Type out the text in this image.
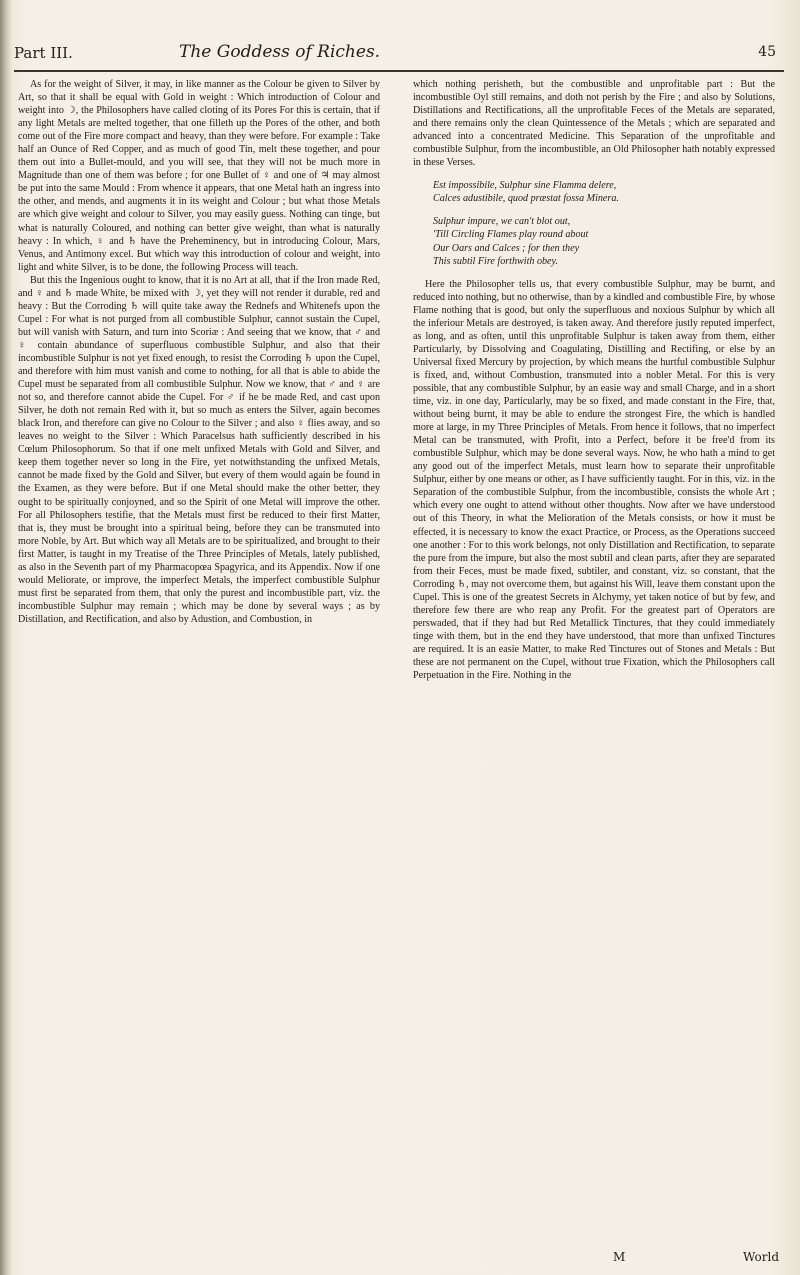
Part III.	The Goddess of Riches.	45

As for the weight of Silver, it may, in like manner as the Colour be given to Silver by Art, so that it shall be equal with Gold in weight : Which introduction of Colour and weight into ☽, the Philosophers have called cloting of its Pores For this is certain, that if any light Metals are melted together, that one filleth up the Pores of the other, and both come out of the Fire more compact and heavy, than they were before. For example : Take half an Ounce of Red Copper, and as much of good Tin, melt these together, and pour them out into a Bullet-mould, and you will see, that they will not be much more in Magnitude than one of them was before ; for one Bullet of ♀ and one of ♃ may almost be put into the same Mould : From whence it appears, that one Metal hath an ingress into the other, and mends, and augments it in its weight and Colour ; but what those Metals are which give weight and colour to Silver, you may easily guess. Nothing can tinge, but what is naturally Coloured, and nothing can better give weight, than what is naturally heavy : In which, ♀ and ♄ have the Preheminency, but in introducing Colour, Mars, Venus, and Antimony excel. But which way this introduction of colour and weight, into light and white Silver, is to be done, the following Process will teach.

But this the Ingenious ought to know, that it is no Art at all, that if the Iron made Red, and ♀ and ♄ made White, be mixed with ☽, yet they will not render it durable, red and heavy : But the Corroding ♄ will quite take away the Rednefs and Whitenefs upon the Cupel : For what is not purged from all combustible Sulphur, cannot sustain the Cupel, but will vanish with Saturn, and turn into Scoriæ : And seeing that we know, that ♂ and ♀ contain abundance of superfluous combustible Sulphur, and also that their incombustible Sulphur is not yet fixed enough, to resist the Corroding ♄ upon the Cupel, and therefore with him must vanish and come to nothing, for all that is able to abide the Cupel must be separated from all combustible Sulphur. Now we know, that ♂ and ♀ are not so, and therefore cannot abide the Cupel. For ♂ if he be made Red, and cast upon Silver, he doth not remain Red with it, but so much as enters the Silver, again becomes black Iron, and therefore can give no Colour to the Silver ; and also ♀ flies away, and so leaves no weight to the Silver : Which Paracelsus hath sufficiently described in his Cœlum Philosophorum. So that if one melt unfixed Metals with Gold and Silver, and keep them together never so long in the Fire, yet notwithstanding the unfixed Metals, cannot be made fixed by the Gold and Silver, but every of them would again be found in the Examen, as they were before. But if one Metal should make the other better, they ought to be spiritually conjoyned, and so the Spirit of one Metal will improve the other. For all Philosophers testifie, that the Metals must first be reduced to their first Matter, that is, they must be brought into a spiritual being, before they can be transmuted into more Noble, by Art. But which way all Metals are to be spiritualized, and brought to their first Matter, is taught in my Treatise of the Three Principles of Metals, lately published, as also in the Seventh part of my Pharmacopœa Spagyrica, and its Appendix. Now if one would Meliorate, or improve, the imperfect Metals, the imperfect combustible Sulphur must first be separated from them, that only the purest and incombustible part, viz. the incombustible Sulphur may remain ; which may be done by several ways ; as by Distillation, and Rectification, and also by Adustion, and Combustion, in

which nothing perisheth, but the combustible and unprofitable part : But the incombustible Oyl still remains, and doth not perish by the Fire ; and also by Solutions, Distillations and Rectifications, all the unprofitable Feces of the Metals are separated, and there remains only the clean Quintessence of the Metals ; which are separated and advanced into a concentrated Medicine. This Separation of the unprofitable and combustible Sulphur, from the incombustible, an Old Philosopher hath notably expressed in these Verses.

Est impossibile, Sulphur sine Flamma delere,

Calces adustibile, quod præstat fossa Minera.

Sulphur impure, we can't blot out,

'Till Circling Flames play round about

Our Oars and Calces ; for then they

This subtil Fire forthwith obey.

Here the Philosopher tells us, that every combustible Sulphur, may be burnt, and reduced into nothing, but no otherwise, than by a kindled and combustible Fire, by whose Flame nothing that is good, but only the superfluous and noxious Sulphur by which all the inferiour Metals are destroyed, is taken away. And therefore justly reputed imperfect, as long, and as often, until this unprofitable Sulphur is taken away from them, either Particularly, by Dissolving and Coagulating, Distilling and Rectifing, or else by an Universal fixed Mercury by projection, by which means the hurtful combustible Sulphur is fixed, and, without Combustion, transmuted into a nobler Metal. For this is very possible, that any combustible Sulphur, by an easie way and small Charge, and in a short time, viz. in one day, Particularly, may be so fixed, and made constant in the Fire, that, without being burnt, it may be able to endure the strongest Fire, the which is handled more at large, in my Three Principles of Metals. From hence it follows, that no imperfect Metal can be transmuted, with Profit, into a Perfect, before it be free'd from its combustible Sulphur, which may be done several ways. Now, he who hath a mind to get any good out of the imperfect Metals, must learn how to separate their unprofitable Sulphur, either by one means or other, as I have sufficiently taught. For in this, viz. in the Separation of the combustible Sulphur, from the incombustible, consists the whole Art ; which every one ought to attend without other thoughts. Now after we have understood out of this Theory, in what the Melioration of the Metals consists, or how it must be effected, it is necessary to know the exact Practice, or Process, as the Operations succeed one another : For to this work belongs, not only Distillation and Rectification, to separate the pure from the impure, but also the most subtil and clean parts, after they are separated from their Feces, must be made fixed, subtiler, and constant, viz. so constant, that the Corroding ♄, may not overcome them, but against his Will, leave them constant upon the Cupel. This is one of the greatest Secrets in Alchymy, yet taken notice of but by few, and therefore few there are who reap any Profit. For the greatest part of Operators are perswaded, that if they had but Red Metallick Tinctures, that they could immediately tinge with them, but in the end they have understood, that more than unfixed Tinctures are required. It is an easie Matter, to make Red Tinctures out of Stones and Metals : But these are not permanent on the Cupel, without true Fixation, which the Philosophers call Perpetuation in the Fire. Nothing in the

M	World
